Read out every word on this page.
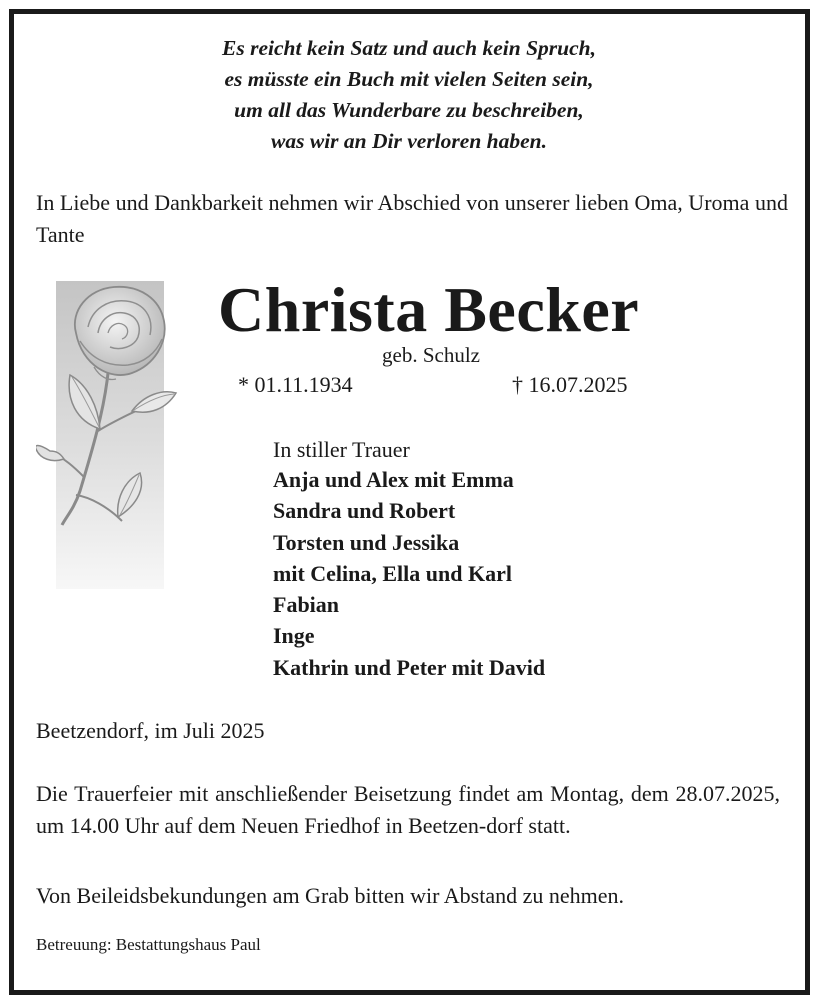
Es reicht kein Satz und auch kein Spruch,
es müsste ein Buch mit vielen Seiten sein,
um all das Wunderbare zu beschreiben,
was wir an Dir verloren haben.
In Liebe und Dankbarkeit nehmen wir Abschied von unserer lieben Oma, Uroma und Tante
Christa Becker
geb. Schulz
* 01.11.1934	† 16.07.2025
In stiller Trauer
Anja und Alex mit Emma
Sandra und Robert
Torsten und Jessika
mit Celina, Ella und Karl
Fabian
Inge
Kathrin und Peter mit David
Beetzendorf, im Juli 2025
Die Trauerfeier mit anschließender Beisetzung findet am Montag, dem 28.07.2025, um 14.00 Uhr auf dem Neuen Friedhof in Beetzen-dorf statt.
Von Beileidsbekundungen am Grab bitten wir Abstand zu nehmen.
Betreuung: Bestattungshaus Paul
